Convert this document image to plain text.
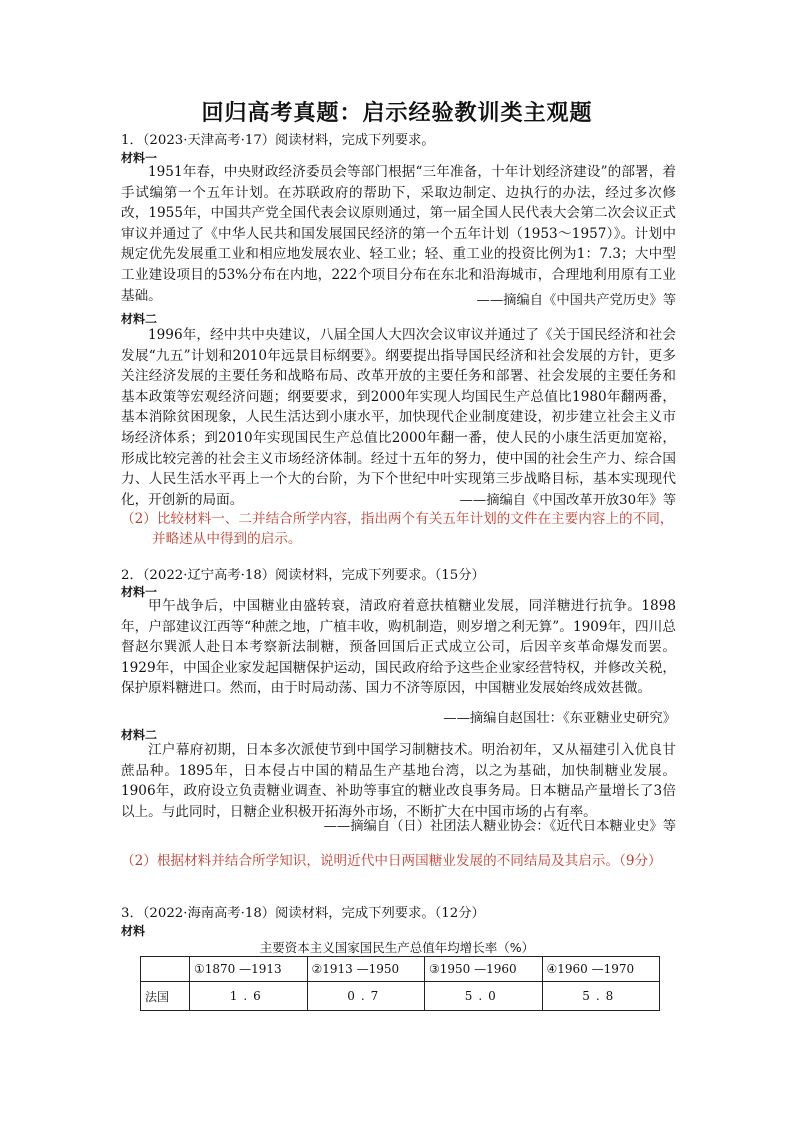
回归高考真题：启示经验教训类主观题
1．（2023·天津高考·17）阅读材料，完成下列要求。
材料一
1951年春，中央财政经济委员会等部门根据“三年准备，十年计划经济建设”的部署，着手试编第一个五年计划。在苏联政府的帮助下，采取边制定、边执行的办法，经过多次修改，1955年，中国共产党全国代表会议原则通过，第一届全国人民代表大会第二次会议正式审议并通过了《中华人民共和国发展国民经济的第一个五年计划（1953～1957）》。计划中规定优先发展重工业和相应地发展农业、轻工业；轻、重工业的投资比例为1：7.3；大中型工业建设项目的53%分布在内地，222个项目分布在东北和沿海城市，合理地利用原有工业基础。	——摘编自《中国共产党历史》等
材料二
1996年，经中共中央建议，八届全国人大四次会议审议并通过了《关于国民经济和社会发展“九五”计划和2010年远景目标纲要》。纲要提出指导国民经济和社会发展的方针，更多关注经济发展的主要任务和战略布局、改革开放的主要任务和部署、社会发展的主要任务和基本政策等宏观经济问题；纲要要求，到2000年实现人均国民生产总值比1980年翻两番，基本消除贫困现象，人民生活达到小康水平，加快现代企业制度建设，初步建立社会主义市场经济体系；到2010年实现国民生产总值比2000年翻一番，使人民的小康生活更加宽裕，形成比较完善的社会主义市场经济体制。经过十五年的努力，使中国的社会生产力、综合国力、人民生活水平再上一个大的台阶，为下个世纪中叶实现第三步战略目标，基本实现现代化，开创新的局面。	——摘编自《中国改革开放30年》等
（2）比较材料一、二并结合所学内容，指出两个有关五年计划的文件在主要内容上的不同，
并略述从中得到的启示。
2．（2022·辽宁高考·18）阅读材料，完成下列要求。（15分）
材料一
甲午战争后，中国糖业由盛转衰，清政府着意扶植糖业发展，同洋糖进行抗争。1898年，户部建议江西等“种蔗之地，广植丰收，购机制造，则岁增之利无算”。1909年，四川总督赵尔巽派人赴日本考察新法制糖，预备回国后正式成立公司，后因辛亥革命爆发而罢。1929年，中国企业家发起国糖保护运动，国民政府给予这些企业家经营特权，并修改关税，保护原料糖进口。然而，由于时局动荡、国力不济等原因，中国糖业发展始终成效甚微。
——摘编自赵国壮：《东亚糖业史研究》
材料二
江户幕府初期，日本多次派使节到中国学习制糖技术。明治初年，又从福建引入优良甘蔗品种。1895年，日本侵占中国的精品生产基地台湾，以之为基础，加快制糖业发展。1906年，政府设立负责糖业调查、补助等事宜的糖业改良事务局。日本糖品产量增长了3倍以上。与此同时，日糖企业积极开拓海外市场，不断扩大在中国市场的占有率。
——摘编自（日）社团法人糖业协会：《近代日本糖业史》等
（2）根据材料并结合所学知识，说明近代中日两国糖业发展的不同结局及其启示。（9分）
3．（2022·海南高考·18）阅读材料，完成下列要求。（12分）
材料
主要资本主义国家国民生产总值年均增长率（%）
	①1870 —1913	②1913 —1950	③1950 —1960	④1960 —1970
法国	1.6	0.7	5.0	5.8
